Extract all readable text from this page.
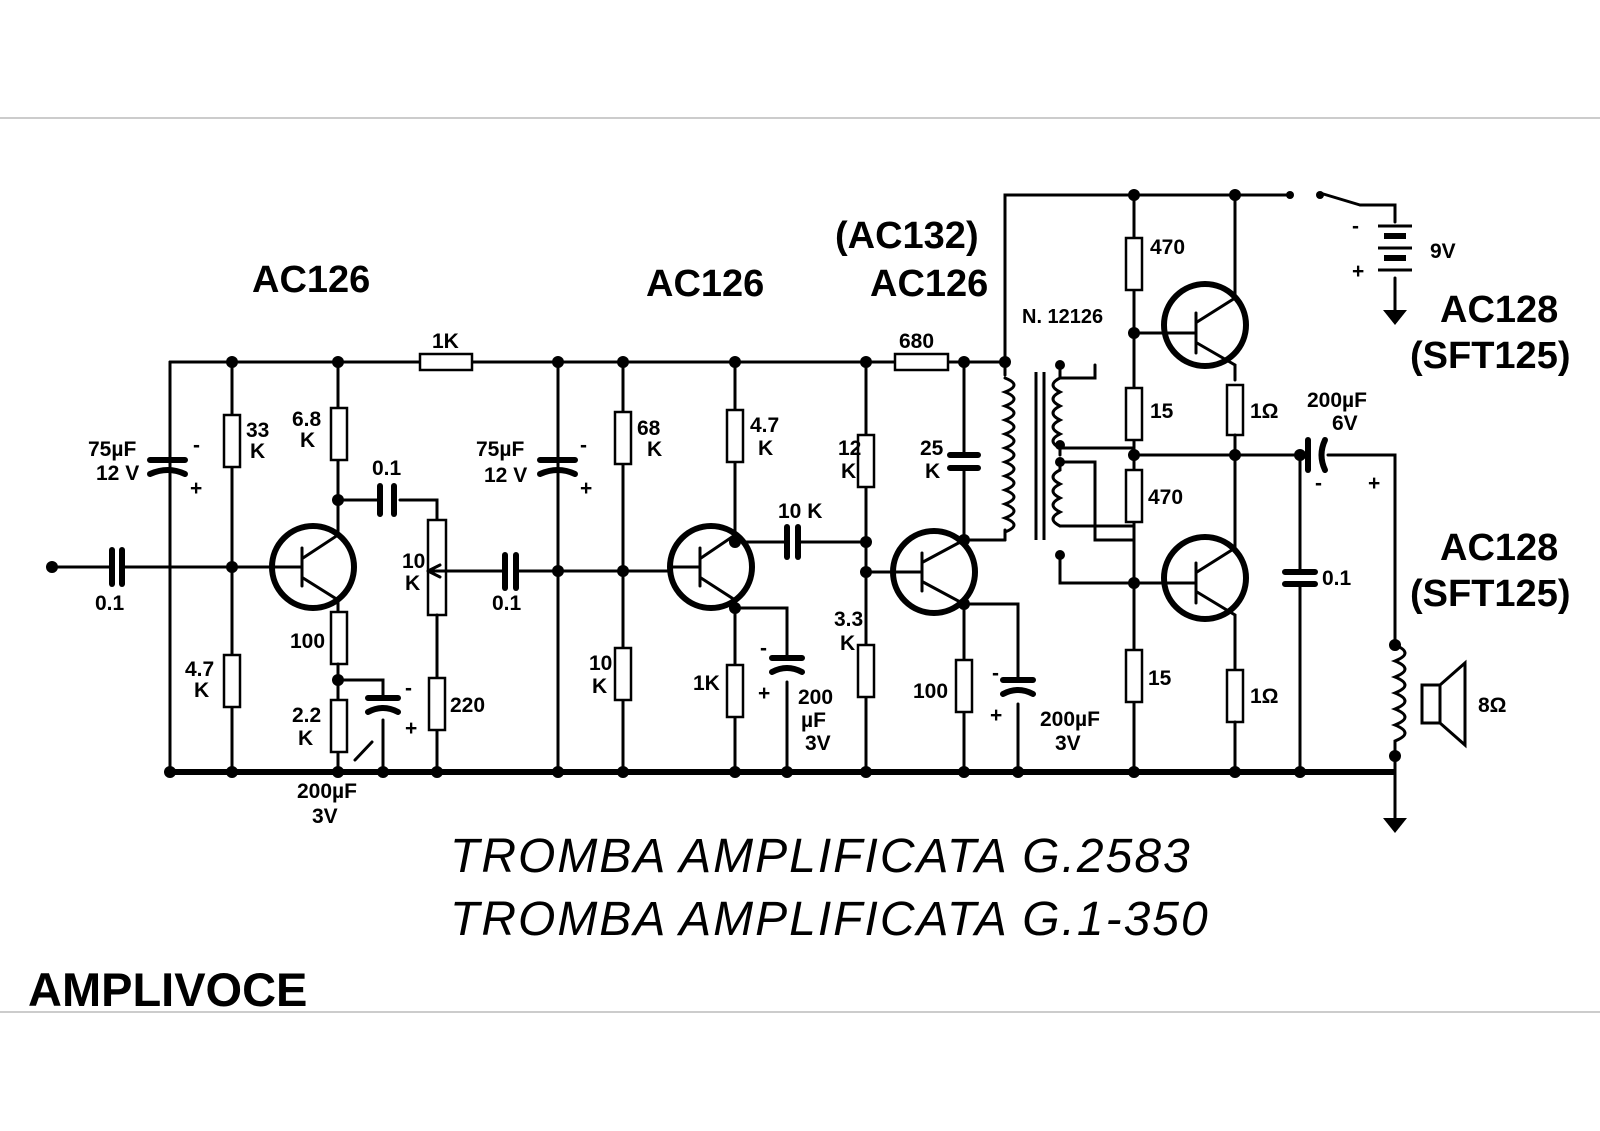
0.1
-
+
75µF
12 V
33
K
4.7
K
6.8
K
AC126
100
2.2
K
-
+
200µF
3V
0.1
10
K
220
1K
-
+
75µF
12 V
0.1
68
K
10
K
4.7
K
1K
AC126
-
+ 200
µF
3V
10 K
12
K
3.3
K
680
(AC132)
AC126
100
-
+ 200µF
3V
25
K
N. 12126
470
15
470
15
1Ω
1Ω
AC128
(SFT125)
AC128
(SFT125)
200µF
6V
- +
0.1
-
+
9V
8Ω
TROMBA AMPLIFICATA G.2583
TROMBA AMPLIFICATA G.1-350
AMPLIVOCE
